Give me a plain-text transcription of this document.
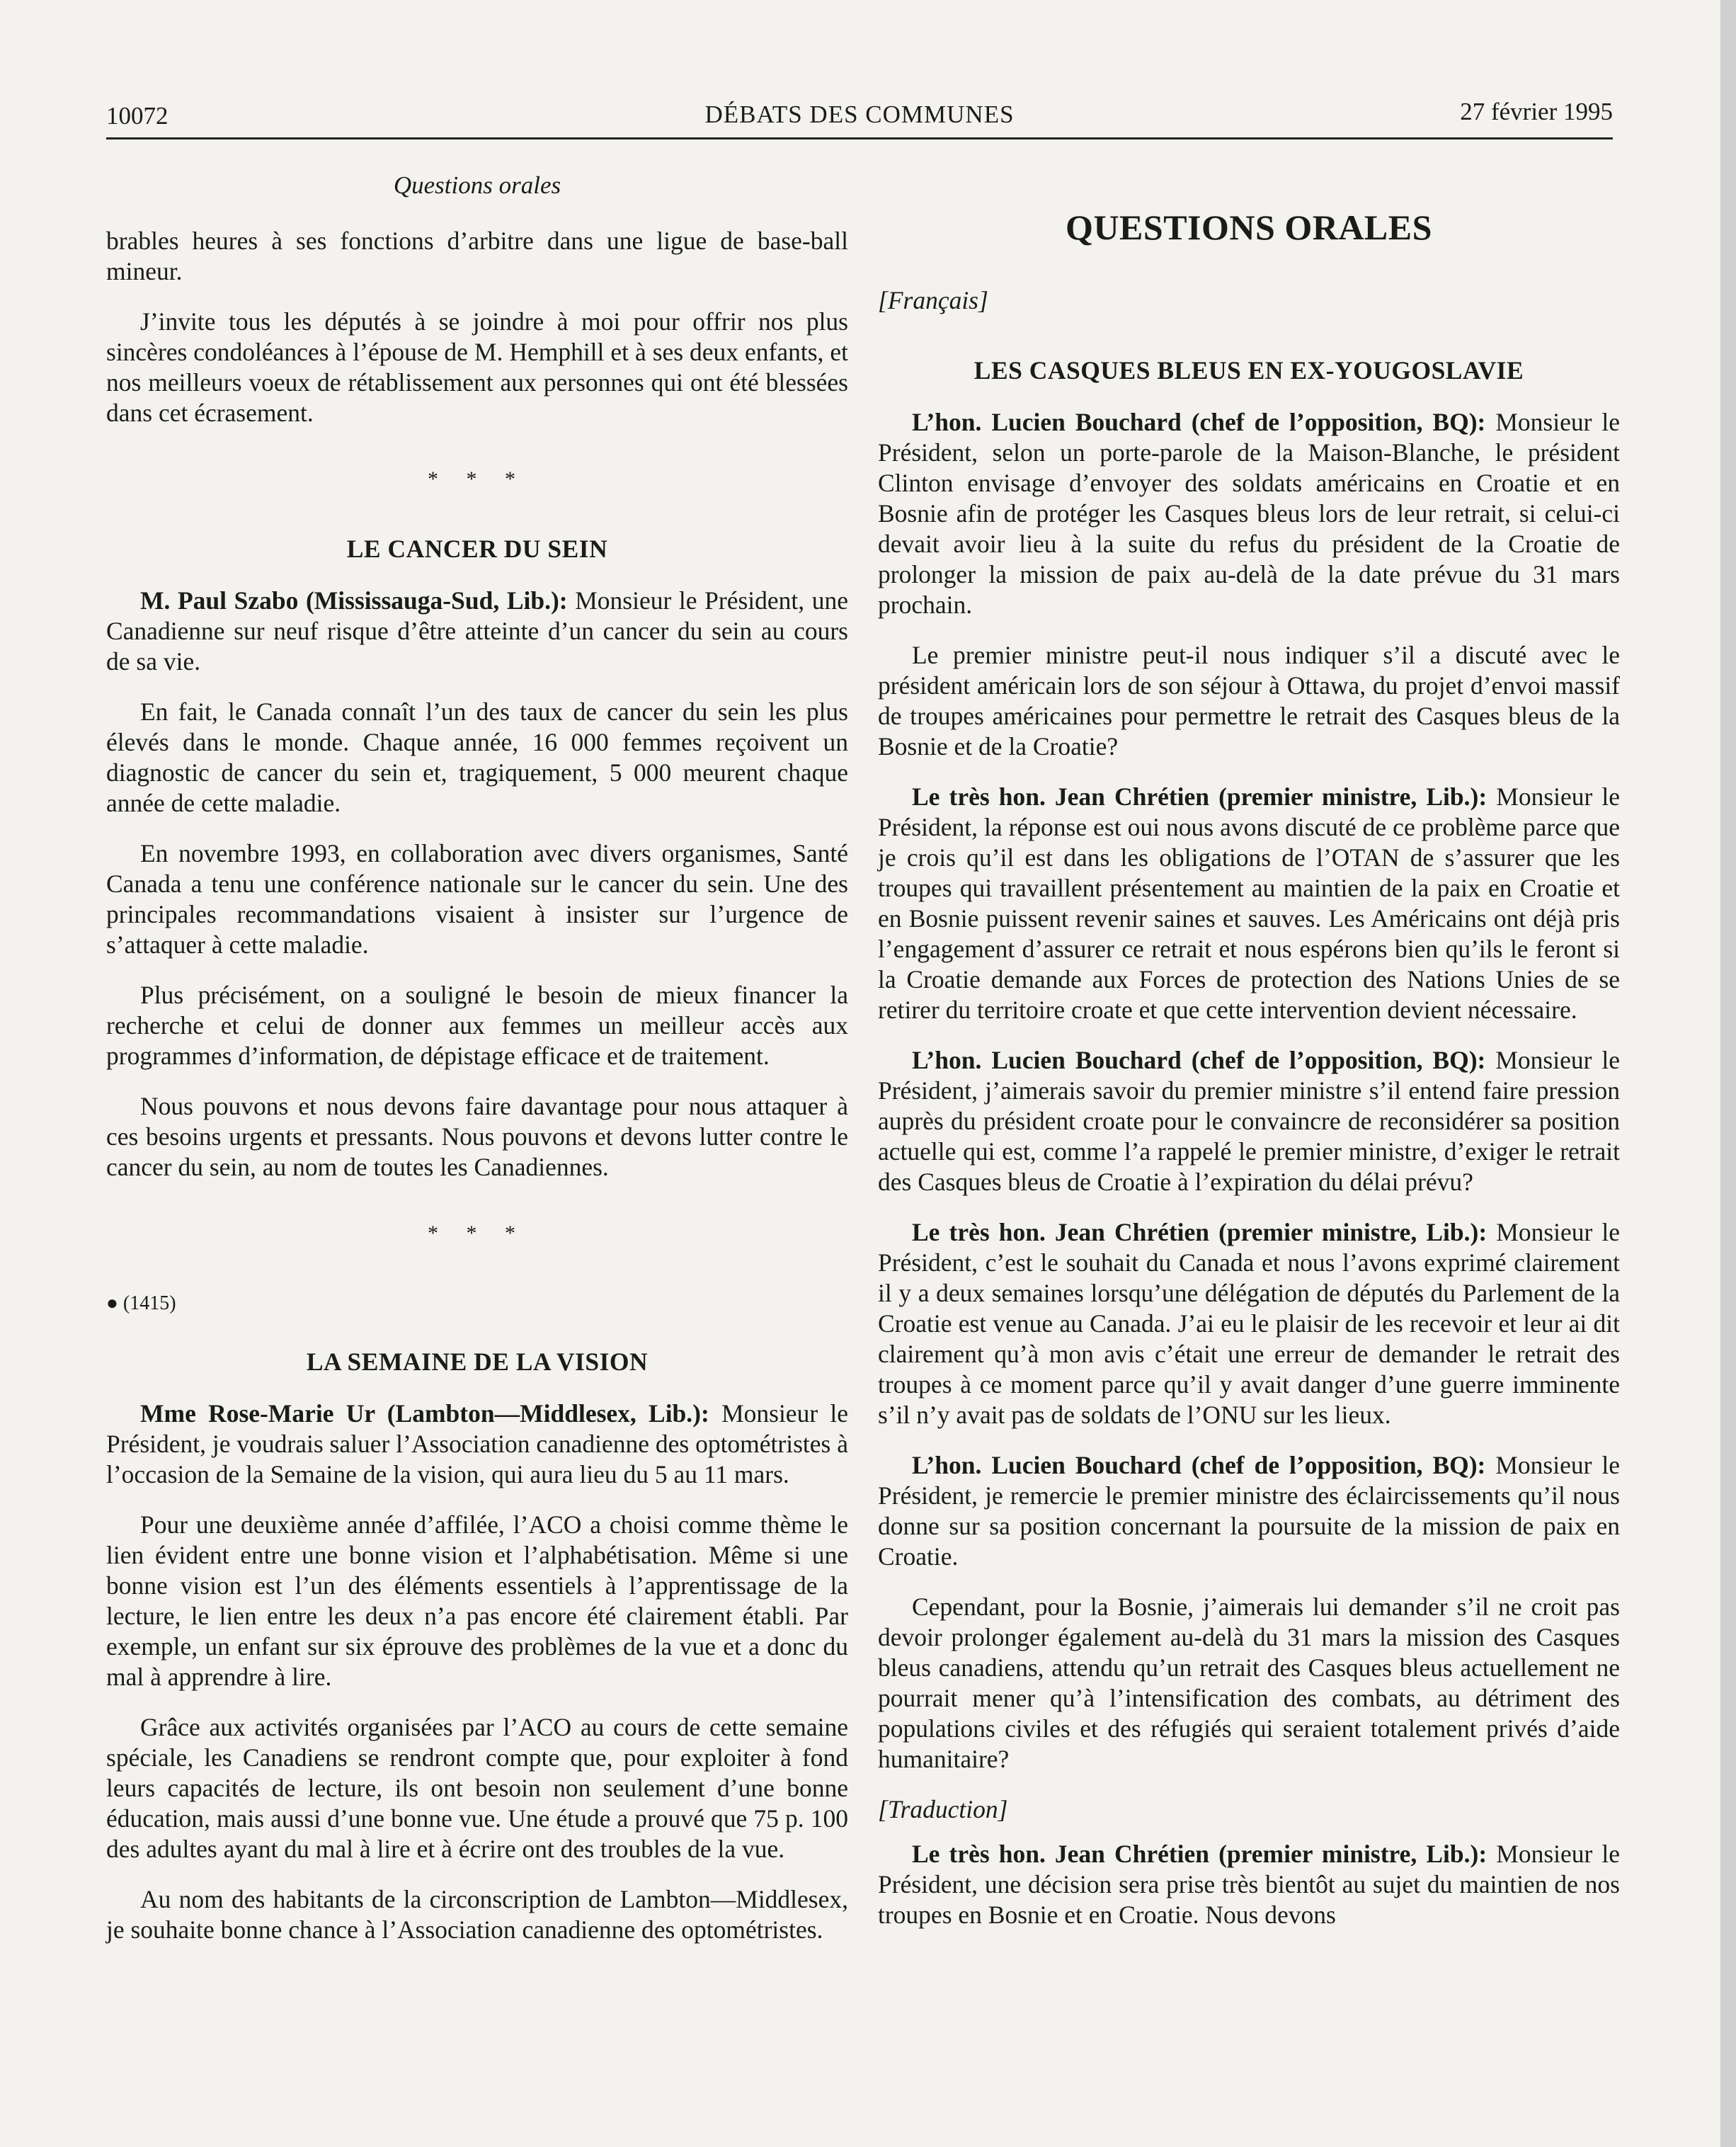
10072	DÉBATS DES COMMUNES	27 février 1995
Questions orales

brables heures à ses fonctions d’arbitre dans une ligue de base-ball mineur.

J’invite tous les députés à se joindre à moi pour offrir nos plus sincères condoléances à l’épouse de M. Hemphill et à ses deux enfants, et nos meilleurs voeux de rétablissement aux personnes qui ont été blessées dans cet écrasement.

* * *
LE CANCER DU SEIN

M. Paul Szabo (Mississauga-Sud, Lib.): Monsieur le Président, une Canadienne sur neuf risque d’être atteinte d’un cancer du sein au cours de sa vie.

En fait, le Canada connaît l’un des taux de cancer du sein les plus élevés dans le monde. Chaque année, 16 000 femmes reçoivent un diagnostic de cancer du sein et, tragiquement, 5 000 meurent chaque année de cette maladie.

En novembre 1993, en collaboration avec divers organismes, Santé Canada a tenu une conférence nationale sur le cancer du sein. Une des principales recommandations visaient à insister sur l’urgence de s’attaquer à cette maladie.

Plus précisément, on a souligné le besoin de mieux financer la recherche et celui de donner aux femmes un meilleur accès aux programmes d’information, de dépistage efficace et de traitement.

Nous pouvons et nous devons faire davantage pour nous attaquer à ces besoins urgents et pressants. Nous pouvons et devons lutter contre le cancer du sein, au nom de toutes les Canadiennes.

* * *
● (1415)
LA SEMAINE DE LA VISION

Mme Rose-Marie Ur (Lambton—Middlesex, Lib.): Monsieur le Président, je voudrais saluer l’Association canadienne des optométristes à l’occasion de la Semaine de la vision, qui aura lieu du 5 au 11 mars.

Pour une deuxième année d’affilée, l’ACO a choisi comme thème le lien évident entre une bonne vision et l’alphabétisation. Même si une bonne vision est l’un des éléments essentiels à l’apprentissage de la lecture, le lien entre les deux n’a pas encore été clairement établi. Par exemple, un enfant sur six éprouve des problèmes de la vue et a donc du mal à apprendre à lire.

Grâce aux activités organisées par l’ACO au cours de cette semaine spéciale, les Canadiens se rendront compte que, pour exploiter à fond leurs capacités de lecture, ils ont besoin non seulement d’une bonne éducation, mais aussi d’une bonne vue. Une étude a prouvé que 75 p. 100 des adultes ayant du mal à lire et à écrire ont des troubles de la vue.

Au nom des habitants de la circonscription de Lambton—Middlesex, je souhaite bonne chance à l’Association canadienne des optométristes.

QUESTIONS ORALES
[Français]
LES CASQUES BLEUS EN EX-YOUGOSLAVIE

L’hon. Lucien Bouchard (chef de l’opposition, BQ): Monsieur le Président, selon un porte-parole de la Maison-Blanche, le président Clinton envisage d’envoyer des soldats américains en Croatie et en Bosnie afin de protéger les Casques bleus lors de leur retrait, si celui-ci devait avoir lieu à la suite du refus du président de la Croatie de prolonger la mission de paix au-delà de la date prévue du 31 mars prochain.

Le premier ministre peut-il nous indiquer s’il a discuté avec le président américain lors de son séjour à Ottawa, du projet d’envoi massif de troupes américaines pour permettre le retrait des Casques bleus de la Bosnie et de la Croatie?

Le très hon. Jean Chrétien (premier ministre, Lib.): Monsieur le Président, la réponse est oui nous avons discuté de ce problème parce que je crois qu’il est dans les obligations de l’OTAN de s’assurer que les troupes qui travaillent présentement au maintien de la paix en Croatie et en Bosnie puissent revenir saines et sauves. Les Américains ont déjà pris l’engagement d’assurer ce retrait et nous espérons bien qu’ils le feront si la Croatie demande aux Forces de protection des Nations Unies de se retirer du territoire croate et que cette intervention devient nécessaire.

L’hon. Lucien Bouchard (chef de l’opposition, BQ): Monsieur le Président, j’aimerais savoir du premier ministre s’il entend faire pression auprès du président croate pour le convaincre de reconsidérer sa position actuelle qui est, comme l’a rappelé le premier ministre, d’exiger le retrait des Casques bleus de Croatie à l’expiration du délai prévu?

Le très hon. Jean Chrétien (premier ministre, Lib.): Monsieur le Président, c’est le souhait du Canada et nous l’avons exprimé clairement il y a deux semaines lorsqu’une délégation de députés du Parlement de la Croatie est venue au Canada. J’ai eu le plaisir de les recevoir et leur ai dit clairement qu’à mon avis c’était une erreur de demander le retrait des troupes à ce moment parce qu’il y avait danger d’une guerre imminente s’il n’y avait pas de soldats de l’ONU sur les lieux.

L’hon. Lucien Bouchard (chef de l’opposition, BQ): Monsieur le Président, je remercie le premier ministre des éclaircissements qu’il nous donne sur sa position concernant la poursuite de la mission de paix en Croatie.

Cependant, pour la Bosnie, j’aimerais lui demander s’il ne croit pas devoir prolonger également au-delà du 31 mars la mission des Casques bleus canadiens, attendu qu’un retrait des Casques bleus actuellement ne pourrait mener qu’à l’intensification des combats, au détriment des populations civiles et des réfugiés qui seraient totalement privés d’aide humanitaire?

[Traduction]

Le très hon. Jean Chrétien (premier ministre, Lib.): Monsieur le Président, une décision sera prise très bientôt au sujet du maintien de nos troupes en Bosnie et en Croatie. Nous devons
